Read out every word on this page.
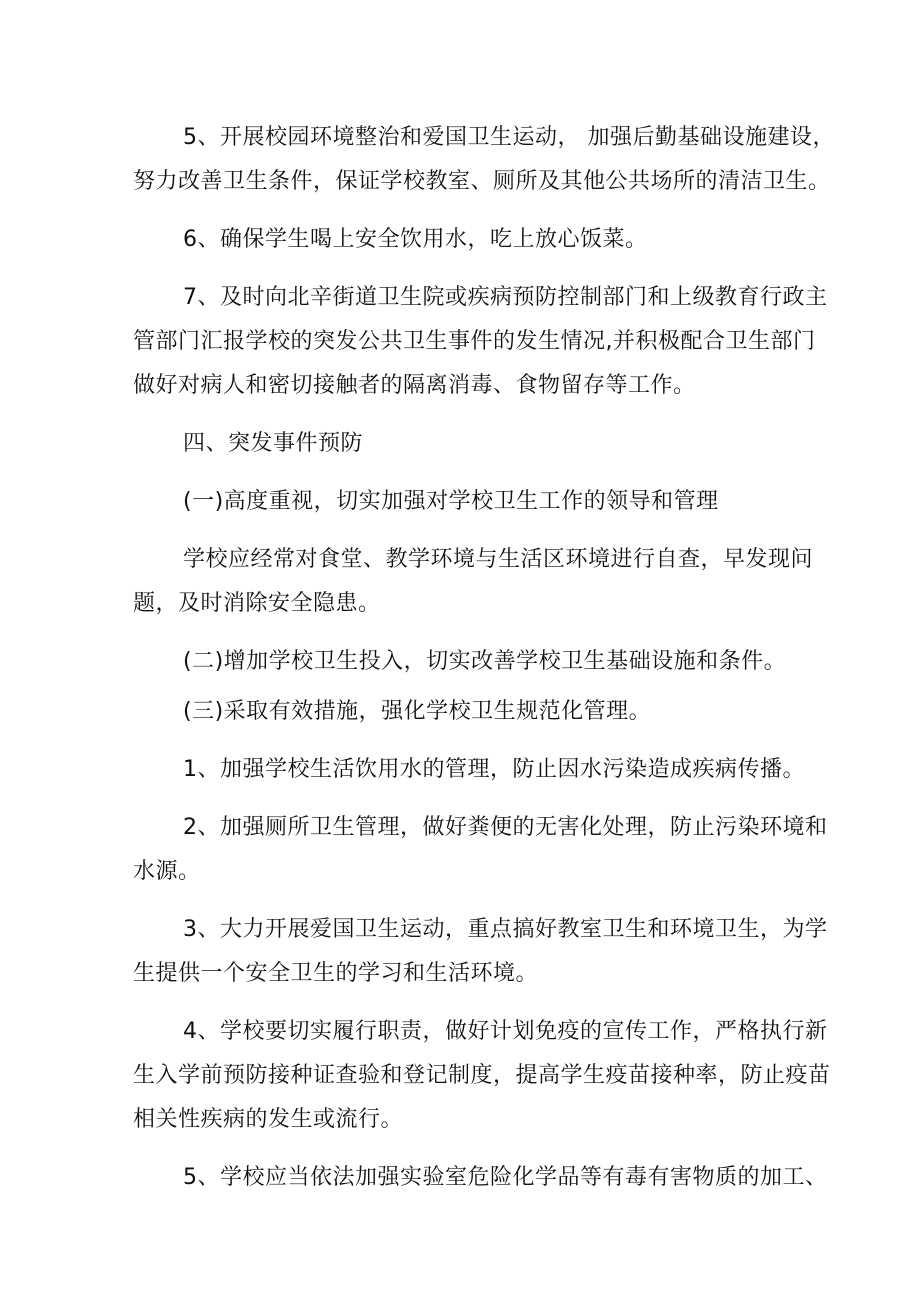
5、开展校园环境整治和爱国卫生运动， 加强后勤基础设施建设，
努力改善卫生条件，保证学校教室、厕所及其他公共场所的清洁卫生。
6、确保学生喝上安全饮用水，吃上放心饭菜。
7、及时向北辛街道卫生院或疾病预防控制部门和上级教育行政主
管部门汇报学校的突发公共卫生事件的发生情况,并积极配合卫生部门
做好对病人和密切接触者的隔离消毒、食物留存等工作。
四、突发事件预防
(一)高度重视，切实加强对学校卫生工作的领导和管理
学校应经常对食堂、教学环境与生活区环境进行自查，早发现问
题，及时消除安全隐患。
(二)增加学校卫生投入，切实改善学校卫生基础设施和条件。
(三)采取有效措施，强化学校卫生规范化管理。
1、加强学校生活饮用水的管理，防止因水污染造成疾病传播。
2、加强厕所卫生管理，做好粪便的无害化处理，防止污染环境和
水源。
3、大力开展爱国卫生运动，重点搞好教室卫生和环境卫生，为学
生提供一个安全卫生的学习和生活环境。
4、学校要切实履行职责，做好计划免疫的宣传工作，严格执行新
生入学前预防接种证查验和登记制度，提高学生疫苗接种率，防止疫苗
相关性疾病的发生或流行。
5、学校应当依法加强实验室危险化学品等有毒有害物质的加工、
